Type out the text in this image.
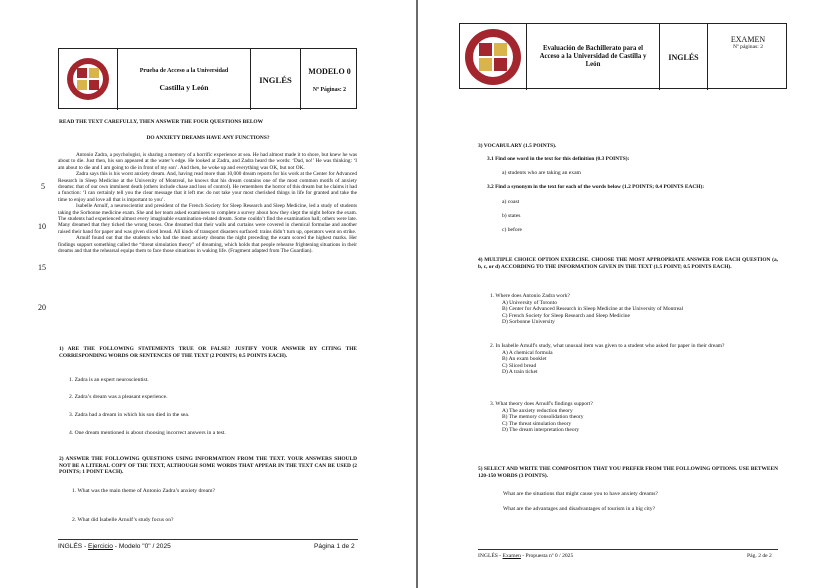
Prueba de Acceso a la Universidad
Castilla y León
INGLÉS
MODELO 0
Nº Páginas: 2
READ THE TEXT CAREFULLY, THEN ANSWER THE FOUR QUESTIONS BELOW
DO ANXIETY DREAMS HAVE ANY FUNCTIONS?

Antonio Zadra, a psychologist, is sharing a memory of a horrific experience at sea. He had almost made it to shore, but knew he was about to die. Just then, his son appeared at the water’s edge. He looked at Zadra, and Zadra heard the words: ‘Dad, no!’ He was thinking: ‘I am about to die and I am going to die in front of my son’. And then, he woke up and everything was OK, but not OK.

Zadra says this is his worst anxiety dream. And, having read more than 10,000 dream reports for his work at the Center for Advanced Research in Sleep Medicine at the University of Montreal, he knows that his dream contains one of the most common motifs of anxiety dreams: that of our own imminent death (others include chase and loss of control). He remembers the horror of this dream but he claims it had a function: ‘I can certainly tell you the clear message that it left me: do not take your most cherished things in life for granted and take the time to enjoy and love all that is important to you’.

Isabelle Arnulf, a neuroscientist and president of the French Society for Sleep Research and Sleep Medicine, led a study of students taking the Sorbonne medicine exam. She and her team asked examinees to complete a survey about how they slept the night before the exam. The students had experienced almost every imaginable examination-related dream. Some couldn’t find the examination hall; others were late. Many dreamed that they ticked the wrong boxes. One dreamed that their walls and curtains were covered in chemical formulae and another raised their hand for paper and was given sliced bread. All kinds of transport disasters surfaced: trains didn’t turn up, operators went on strike.

Arnulf found out that the students who had the most anxiety dreams the night preceding the exam scored the highest marks. Her findings support something called the “threat simulation theory” of dreaming, which holds that people rehearse frightening situations in their dreams and that the rehearsal equips them to face those situations in waking life. (Fragment adapted from The Guardian).

5
10
15
20
1) ARE THE FOLLOWING STATEMENTS TRUE OR FALSE? JUSTIFY YOUR ANSWER BY CITING THE CORRESPONDING WORDS OR SENTENCES OF THE TEXT (2 POINTS; 0.5 POINTS EACH).
1. Zadra is an expert neuroscientist.
2. Zadra’s dream was a pleasant experience.
3. Zadra had a dream in which his son died in the sea.
4. One dream mentioned is about choosing incorrect answers in a test.
2) ANSWER THE FOLLOWING QUESTIONS USING INFORMATION FROM THE TEXT. YOUR ANSWERS SHOULD NOT BE A LITERAL COPY OF THE TEXT, ALTHOUGH SOME WORDS THAT APPEAR IN THE TEXT CAN BE USED (2 POINTS; 1 POINT EACH).
1. What was the main theme of Antonio Zadra’s anxiety dream?
2. What did Isabelle Arnulf’s study focus on?
INGLÉS - Ejercicio - Modelo "0" / 2025	Página 1 de 2
Evaluación de Bachillerato para el Acceso a la Universidad de Castilla y León
INGLÉS
EXAMEN
Nº páginas: 2
3) VOCABULARY (1.5 POINTS).
3.1 Find one word in the text for this definition (0.3 POINTS):
a) students who are taking an exam
3.2 Find a synonym in the text for each of the words below (1.2 POINTS; 0.4 POINTS EACH):
a) coast
b) states
c) before
4) MULTIPLE CHOICE OPTION EXERCISE. CHOOSE THE MOST APPROPRIATE ANSWER FOR EACH QUESTION (a, b, c, or d) ACCORDING TO THE INFORMATION GIVEN IN THE TEXT (1.5 POINT; 0.5 POINTS EACH).
1. Where does Antonio Zadra work?
A) University of Toronto
B) Center for Advanced Research in Sleep Medicine at the University of Montreal
C) French Society for Sleep Research and Sleep Medicine
D) Sorbonne University
2. In Isabelle Arnulf's study, what unusual item was given to a student who asked for paper in their dream?
A) A chemical formula
B) An exam booklet
C) Sliced bread
D) A train ticket
3. What theory does Arnulf's findings support?
A) The anxiety reduction theory
B) The memory consolidation theory
C) The threat simulation theory
D) The dream interpretation theory
5) SELECT AND WRITE THE COMPOSITION THAT YOU PREFER FROM THE FOLLOWING OPTIONS. USE BETWEEN 120-150 WORDS (3 POINTS).
What are the situations that might cause you to have anxiety dreams?
What are the advantages and disadvantages of tourism in a big city?
INGLÉS - Examen - Propuesta nº 0 / 2025	Pág. 2 de 2
